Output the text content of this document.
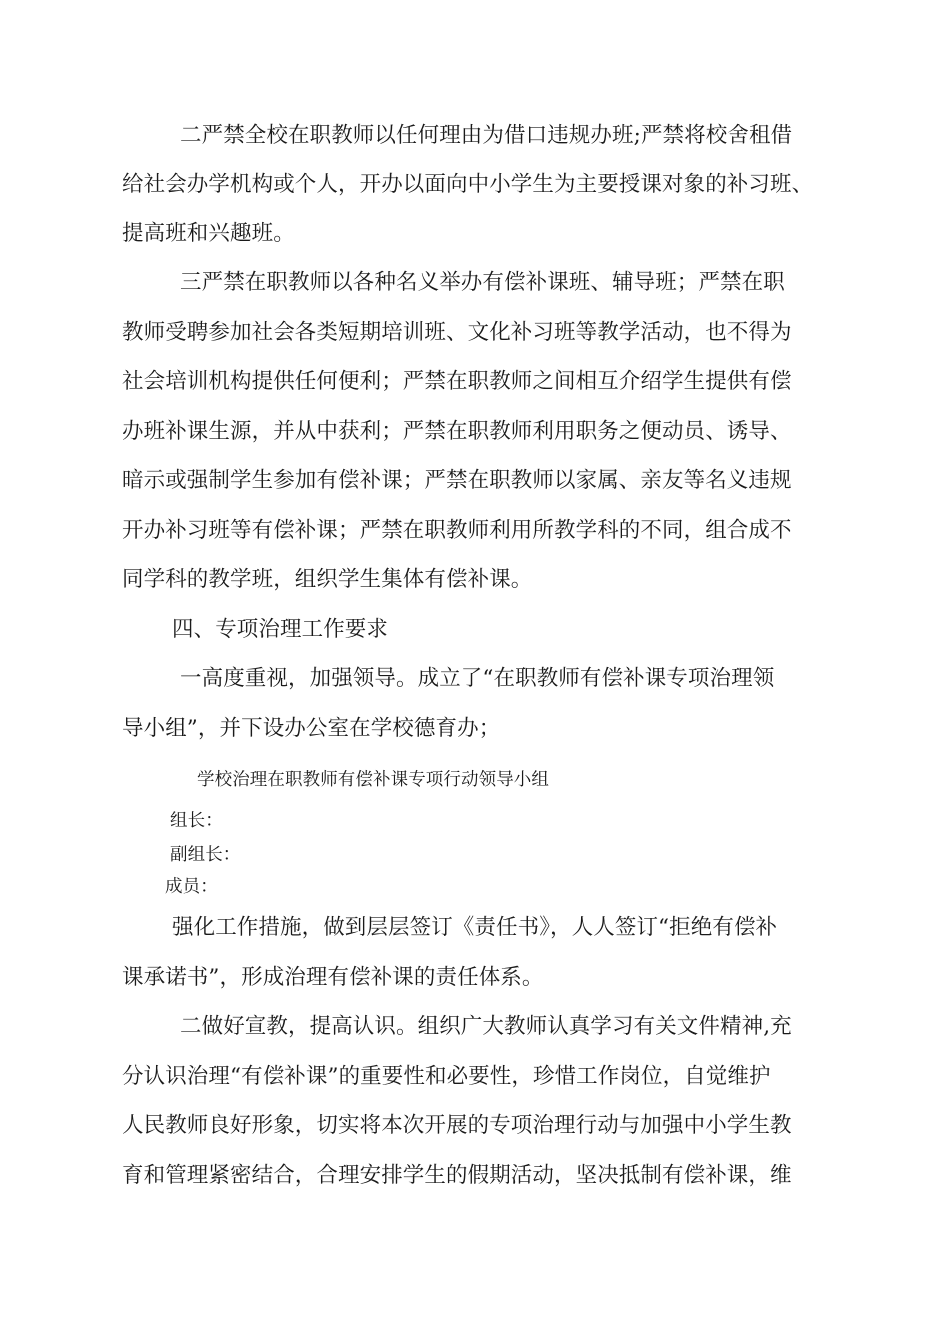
二严禁全校在职教师以任何理由为借口违规办班;严禁将校舍租借

给社会办学机构或个人，开办以面向中小学生为主要授课对象的补习班、

提高班和兴趣班。

三严禁在职教师以各种名义举办有偿补课班、辅导班；严禁在职

教师受聘参加社会各类短期培训班、文化补习班等教学活动，也不得为

社会培训机构提供任何便利；严禁在职教师之间相互介绍学生提供有偿

办班补课生源，并从中获利；严禁在职教师利用职务之便动员、诱导、

暗示或强制学生参加有偿补课；严禁在职教师以家属、亲友等名义违规

开办补习班等有偿补课；严禁在职教师利用所教学科的不同，组合成不

同学科的教学班，组织学生集体有偿补课。

四、专项治理工作要求

一高度重视，加强领导。成立了“在职教师有偿补课专项治理领

导小组”，并下设办公室在学校德育办；

学校治理在职教师有偿补课专项行动领导小组

组长：

副组长：

成员：

强化工作措施，做到层层签订《责任书》，人人签订“拒绝有偿补

课承诺书”，形成治理有偿补课的责任体系。

二做好宣教，提高认识。组织广大教师认真学习有关文件精神,充

分认识治理“有偿补课”的重要性和必要性，珍惜工作岗位，自觉维护

人民教师良好形象，切实将本次开展的专项治理行动与加强中小学生教

育和管理紧密结合，合理安排学生的假期活动，坚决抵制有偿补课，维
